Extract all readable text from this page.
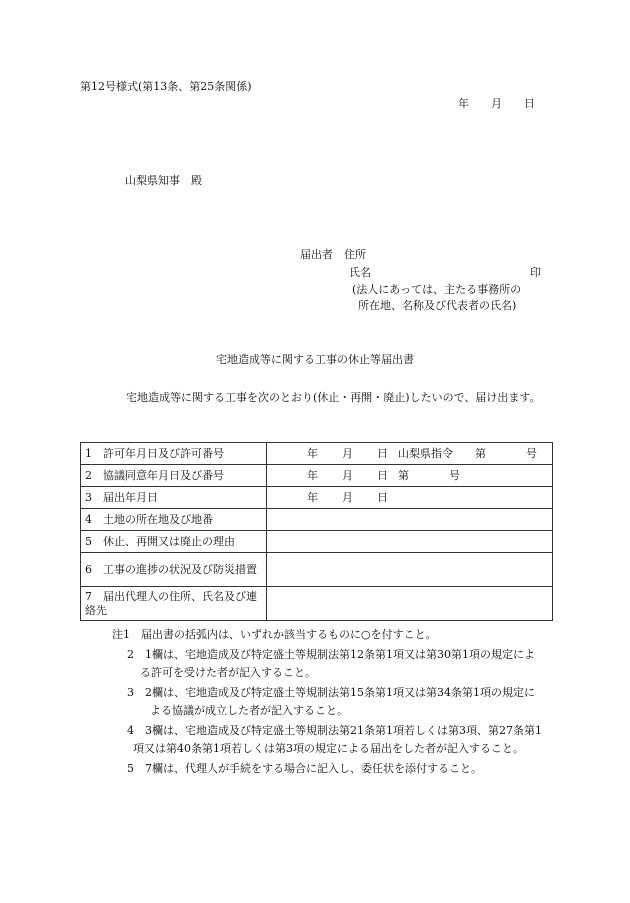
第12号様式(第13条、第25条関係)
年 月 日
山梨県知事　殿
届出者　住所
氏名	印
(法人にあっては、主たる事務所の
所在地、名称及び代表者の氏名)
宅地造成等に関する工事の休止等届出書
宅地造成等に関する工事を次のとおり(休止・再開・廃止)したいので、届け出ます。
1　許可年月日及び許可番号	年 月 日 山梨県指令 第 号
2　協議同意年月日及び番号	年 月 日 第 号
3　届出年月日	年 月 日
4　土地の所在地及び地番	
5　休止、再開又は廃止の理由	
6　工事の進捗の状況及び防災措置	
7　届出代理人の住所、氏名及び連絡先	
注1　届出書の括弧内は、いずれか該当するものに○を付すこと。
2　1欄は、宅地造成及び特定盛土等規制法第12条第1項又は第30第1項の規定によ
る許可を受けた者が記入すること。
3　2欄は、宅地造成及び特定盛土等規制法第15条第1項又は第34条第1項の規定に
よる協議が成立した者が記入すること。
4　3欄は、宅地造成及び特定盛土等規制法第21条第1項若しくは第3項、第27条第1
項又は第40条第1項若しくは第3項の規定による届出をした者が記入すること。
5　7欄は、代理人が手続をする場合に記入し、委任状を添付すること。
